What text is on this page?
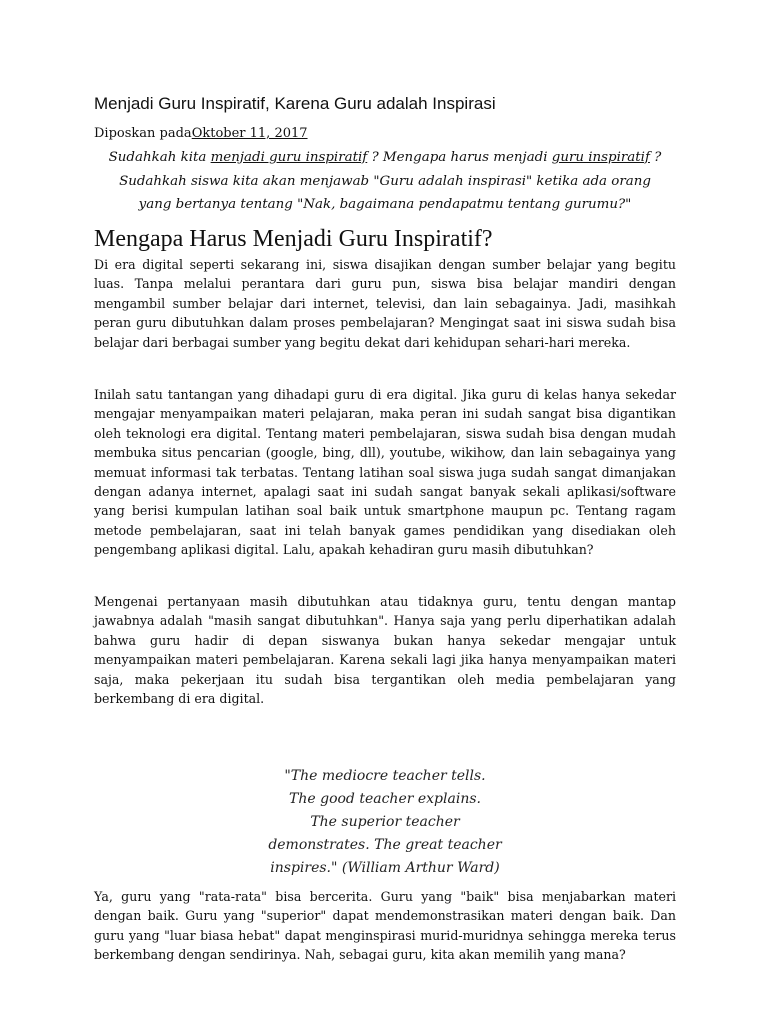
Menjadi Guru Inspiratif, Karena Guru adalah Inspirasi
Diposkan padaOktober 11, 2017
Sudahkah kita menjadi guru inspiratif ? Mengapa harus menjadi guru inspiratif ?
Sudahkah siswa kita akan menjawab "Guru adalah inspirasi" ketika ada orang
yang bertanya tentang "Nak, bagaimana pendapatmu tentang gurumu?"
Mengapa Harus Menjadi Guru Inspiratif?

Di era digital seperti sekarang ini, siswa disajikan dengan sumber belajar yang begitu luas. Tanpa melalui perantara dari guru pun, siswa bisa belajar mandiri dengan mengambil sumber belajar dari internet, televisi, dan lain sebagainya. Jadi, masihkah peran guru dibutuhkan dalam proses pembelajaran? Mengingat saat ini siswa sudah bisa belajar dari berbagai sumber yang begitu dekat dari kehidupan sehari-hari mereka.

Inilah satu tantangan yang dihadapi guru di era digital. Jika guru di kelas hanya sekedar mengajar menyampaikan materi pelajaran, maka peran ini sudah sangat bisa digantikan oleh teknologi era digital. Tentang materi pembelajaran, siswa sudah bisa dengan mudah membuka situs pencarian (google, bing, dll), youtube, wikihow, dan lain sebagainya yang memuat informasi tak terbatas. Tentang latihan soal siswa juga sudah sangat dimanjakan dengan adanya internet, apalagi saat ini sudah sangat banyak sekali aplikasi/software yang berisi kumpulan latihan soal baik untuk smartphone maupun pc. Tentang ragam metode pembelajaran, saat ini telah banyak games pendidikan yang disediakan oleh pengembang aplikasi digital. Lalu, apakah kehadiran guru masih dibutuhkan?

Mengenai pertanyaan masih dibutuhkan atau tidaknya guru, tentu dengan mantap jawabnya adalah "masih sangat dibutuhkan". Hanya saja yang perlu diperhatikan adalah bahwa guru hadir di depan siswanya bukan hanya sekedar mengajar untuk menyampaikan materi pembelajaran. Karena sekali lagi jika hanya menyampaikan materi saja, maka pekerjaan itu sudah bisa tergantikan oleh media pembelajaran yang berkembang di era digital.

"The mediocre teacher tells.
The good teacher explains.
The superior teacher
demonstrates. The great teacher
inspires." (William Arthur Ward)

Ya, guru yang "rata-rata" bisa bercerita. Guru yang "baik" bisa menjabarkan materi dengan baik. Guru yang "superior" dapat mendemonstrasikan materi dengan baik. Dan guru yang "luar biasa hebat" dapat menginspirasi murid-muridnya sehingga mereka terus berkembang dengan sendirinya. Nah, sebagai guru, kita akan memilih yang mana?
